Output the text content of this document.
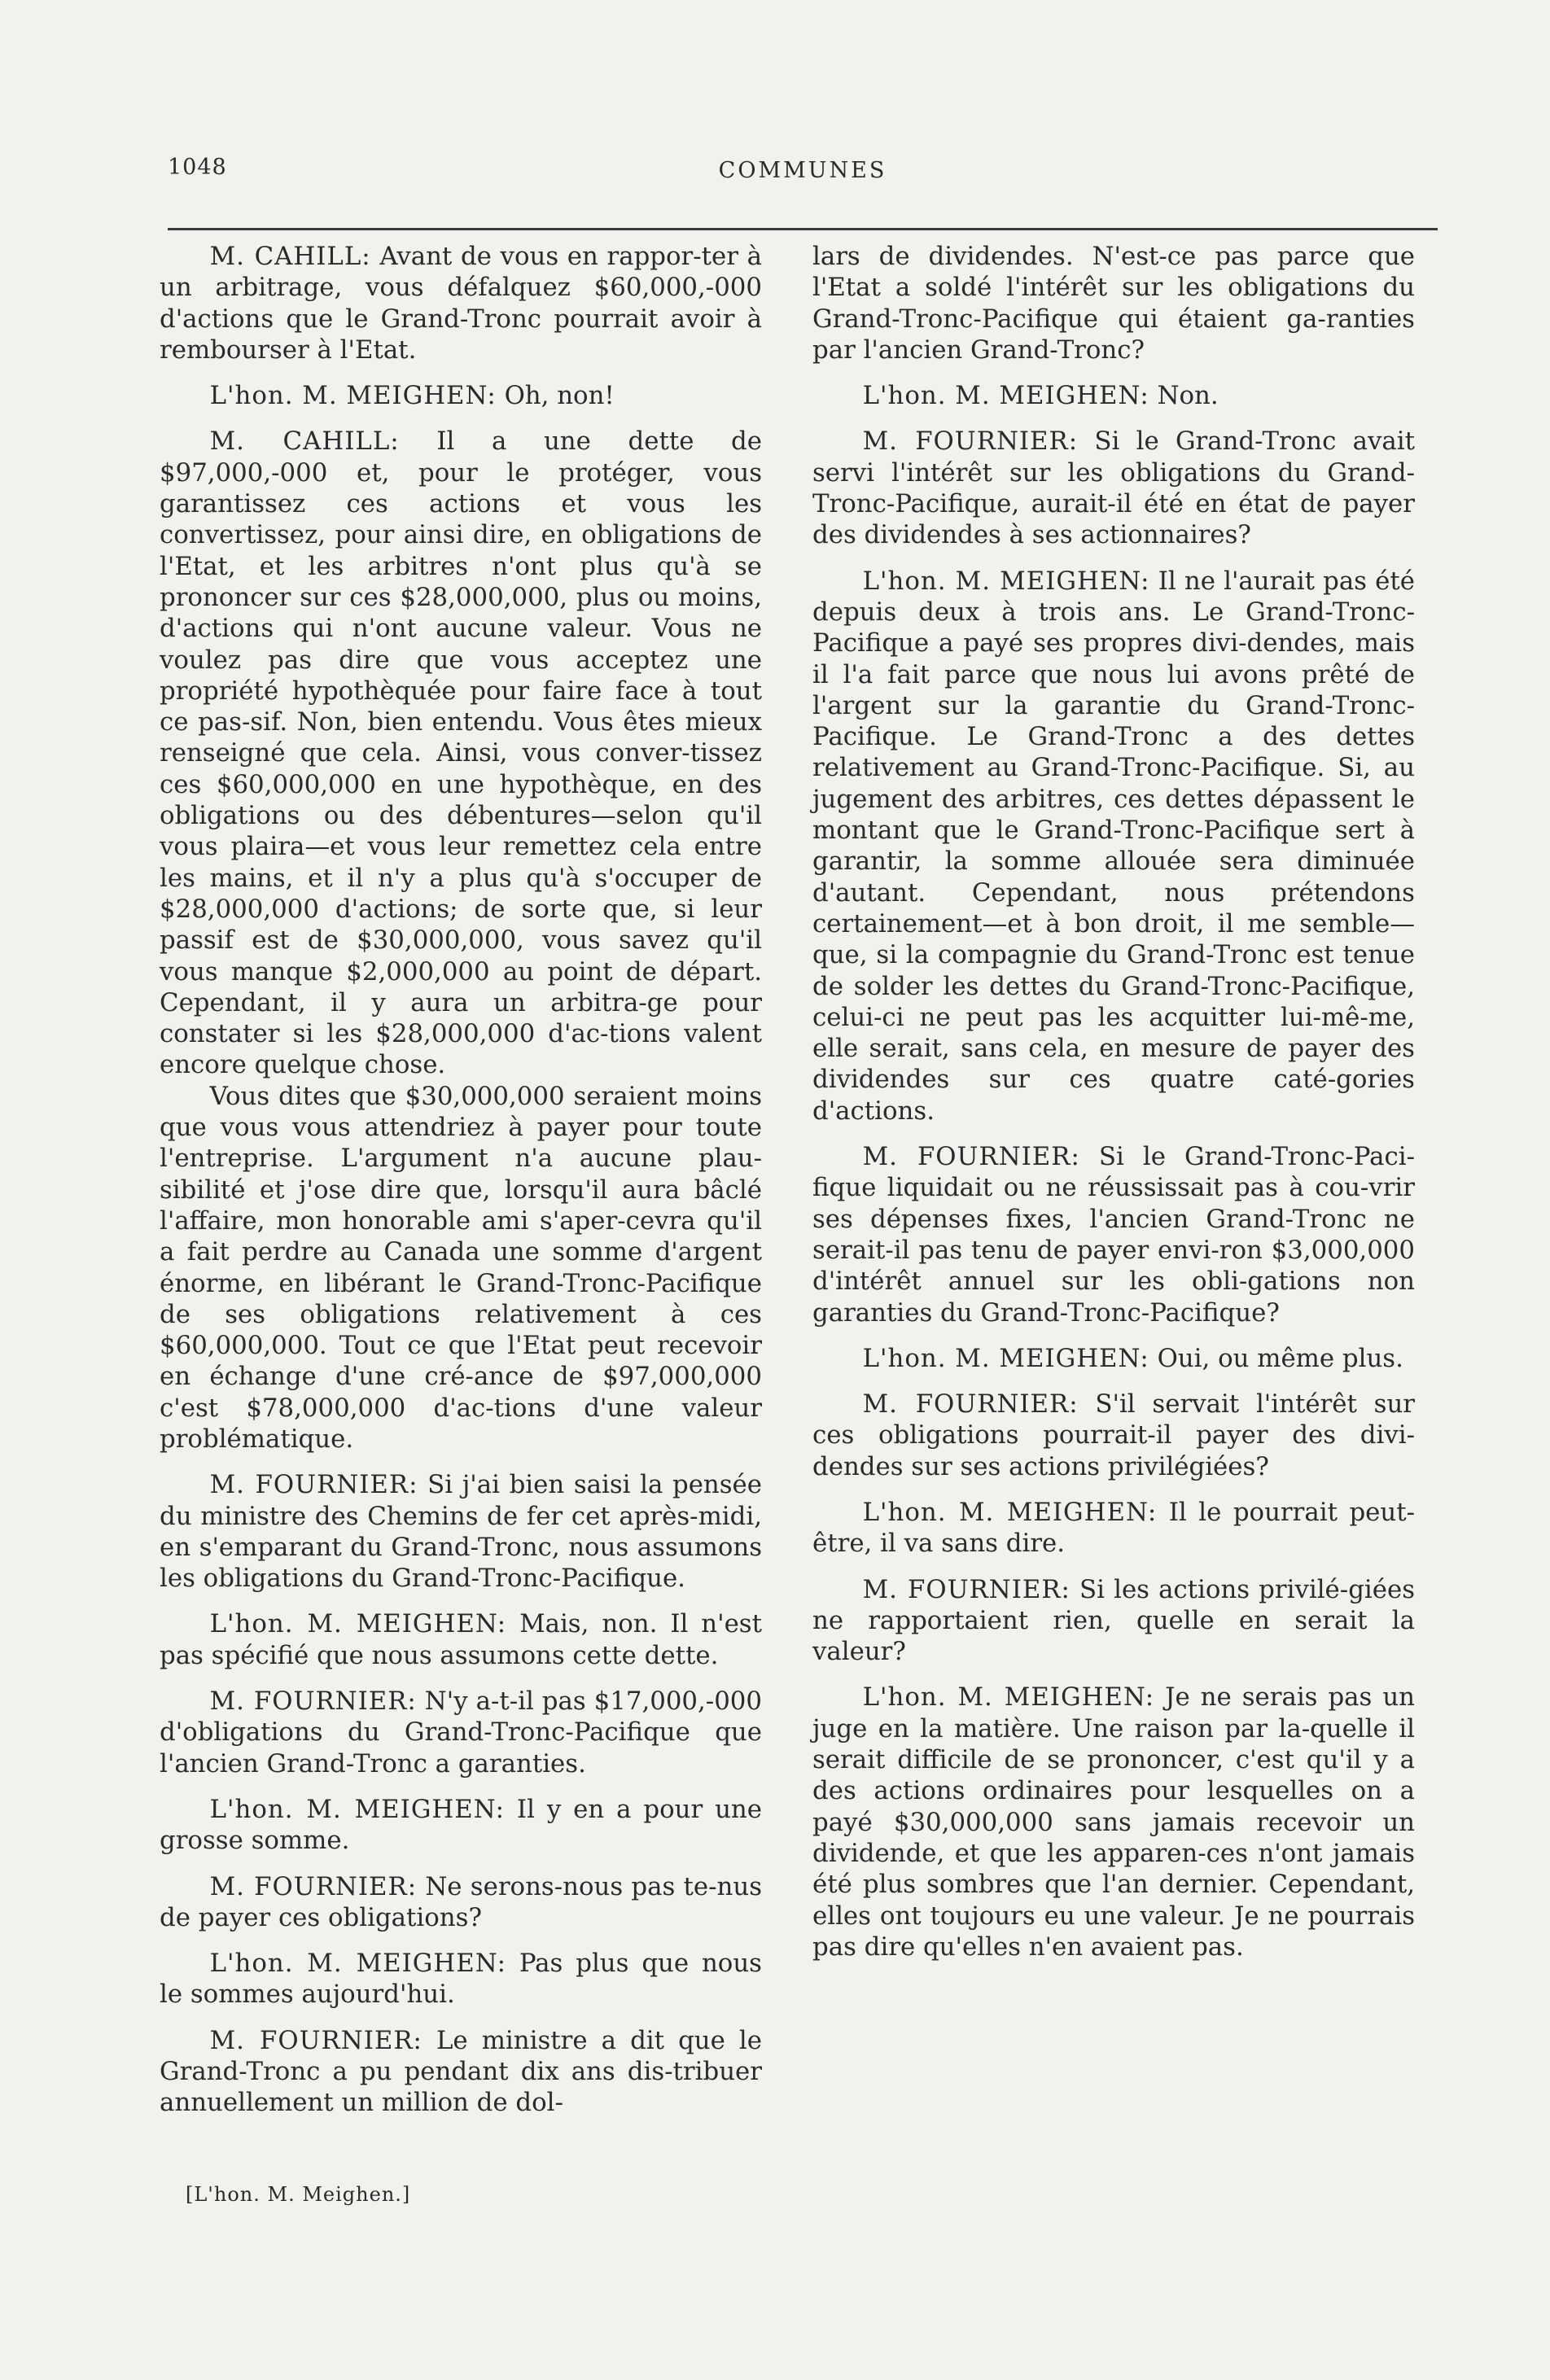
1048	COMMUNES

M. CAHILL: Avant de vous en rappor-ter à un arbitrage, vous défalquez $60,000,-000 d'actions que le Grand-Tronc pourrait avoir à rembourser à l'Etat.

L'hon. M. MEIGHEN: Oh, non!

M. CAHILL: Il a une dette de $97,000,-000 et, pour le protéger, vous garantissez ces actions et vous les convertissez, pour ainsi dire, en obligations de l'Etat, et les arbitres n'ont plus qu'à se prononcer sur ces $28,000,000, plus ou moins, d'actions qui n'ont aucune valeur. Vous ne voulez pas dire que vous acceptez une propriété hypothèquée pour faire face à tout ce pas-sif. Non, bien entendu. Vous êtes mieux renseigné que cela. Ainsi, vous conver-tissez ces $60,000,000 en une hypothèque, en des obligations ou des débentures—selon qu'il vous plaira—et vous leur remettez cela entre les mains, et il n'y a plus qu'à s'occuper de $28,000,000 d'actions; de sorte que, si leur passif est de $30,000,000, vous savez qu'il vous manque $2,000,000 au point de départ. Cependant, il y aura un arbitra-ge pour constater si les $28,000,000 d'ac-tions valent encore quelque chose.

Vous dites que $30,000,000 seraient moins que vous vous attendriez à payer pour toute l'entreprise. L'argument n'a aucune plau-sibilité et j'ose dire que, lorsqu'il aura bâclé l'affaire, mon honorable ami s'aper-cevra qu'il a fait perdre au Canada une somme d'argent énorme, en libérant le Grand-Tronc-Pacifique de ses obligations relativement à ces $60,000,000. Tout ce que l'Etat peut recevoir en échange d'une cré-ance de $97,000,000 c'est $78,000,000 d'ac-tions d'une valeur problématique.

M. FOURNIER: Si j'ai bien saisi la pensée du ministre des Chemins de fer cet après-midi, en s'emparant du Grand-Tronc, nous assumons les obligations du Grand-Tronc-Pacifique.

L'hon. M. MEIGHEN: Mais, non. Il n'est pas spécifié que nous assumons cette dette.

M. FOURNIER: N'y a-t-il pas $17,000,-000 d'obligations du Grand-Tronc-Pacifique que l'ancien Grand-Tronc a garanties.

L'hon. M. MEIGHEN: Il y en a pour une grosse somme.

M. FOURNIER: Ne serons-nous pas te-nus de payer ces obligations?

L'hon. M. MEIGHEN: Pas plus que nous le sommes aujourd'hui.

M. FOURNIER: Le ministre a dit que le Grand-Tronc a pu pendant dix ans dis-tribuer annuellement un million de dol-

lars de dividendes. N'est-ce pas parce que l'Etat a soldé l'intérêt sur les obligations du Grand-Tronc-Pacifique qui étaient ga-ranties par l'ancien Grand-Tronc?

L'hon. M. MEIGHEN: Non.

M. FOURNIER: Si le Grand-Tronc avait servi l'intérêt sur les obligations du Grand-Tronc-Pacifique, aurait-il été en état de payer des dividendes à ses actionnaires?

L'hon. M. MEIGHEN: Il ne l'aurait pas été depuis deux à trois ans. Le Grand-Tronc-Pacifique a payé ses propres divi-dendes, mais il l'a fait parce que nous lui avons prêté de l'argent sur la garantie du Grand-Tronc-Pacifique. Le Grand-Tronc a des dettes relativement au Grand-Tronc-Pacifique. Si, au jugement des arbitres, ces dettes dépassent le montant que le Grand-Tronc-Pacifique sert à garantir, la somme allouée sera diminuée d'autant. Cependant, nous prétendons certainement—et à bon droit, il me semble—que, si la compagnie du Grand-Tronc est tenue de solder les dettes du Grand-Tronc-Pacifique, celui-ci ne peut pas les acquitter lui-mê-me, elle serait, sans cela, en mesure de payer des dividendes sur ces quatre caté-gories d'actions.

M. FOURNIER: Si le Grand-Tronc-Paci-fique liquidait ou ne réussissait pas à cou-vrir ses dépenses fixes, l'ancien Grand-Tronc ne serait-il pas tenu de payer envi-ron $3,000,000 d'intérêt annuel sur les obli-gations non garanties du Grand-Tronc-Pacifique?

L'hon. M. MEIGHEN: Oui, ou même plus.

M. FOURNIER: S'il servait l'intérêt sur ces obligations pourrait-il payer des divi-dendes sur ses actions privilégiées?

L'hon. M. MEIGHEN: Il le pourrait peut-être, il va sans dire.

M. FOURNIER: Si les actions privilé-giées ne rapportaient rien, quelle en serait la valeur?

L'hon. M. MEIGHEN: Je ne serais pas un juge en la matière. Une raison par la-quelle il serait difficile de se prononcer, c'est qu'il y a des actions ordinaires pour lesquelles on a payé $30,000,000 sans jamais recevoir un dividende, et que les apparen-ces n'ont jamais été plus sombres que l'an dernier. Cependant, elles ont toujours eu une valeur. Je ne pourrais pas dire qu'elles n'en avaient pas.

[L'hon. M. Meighen.]
